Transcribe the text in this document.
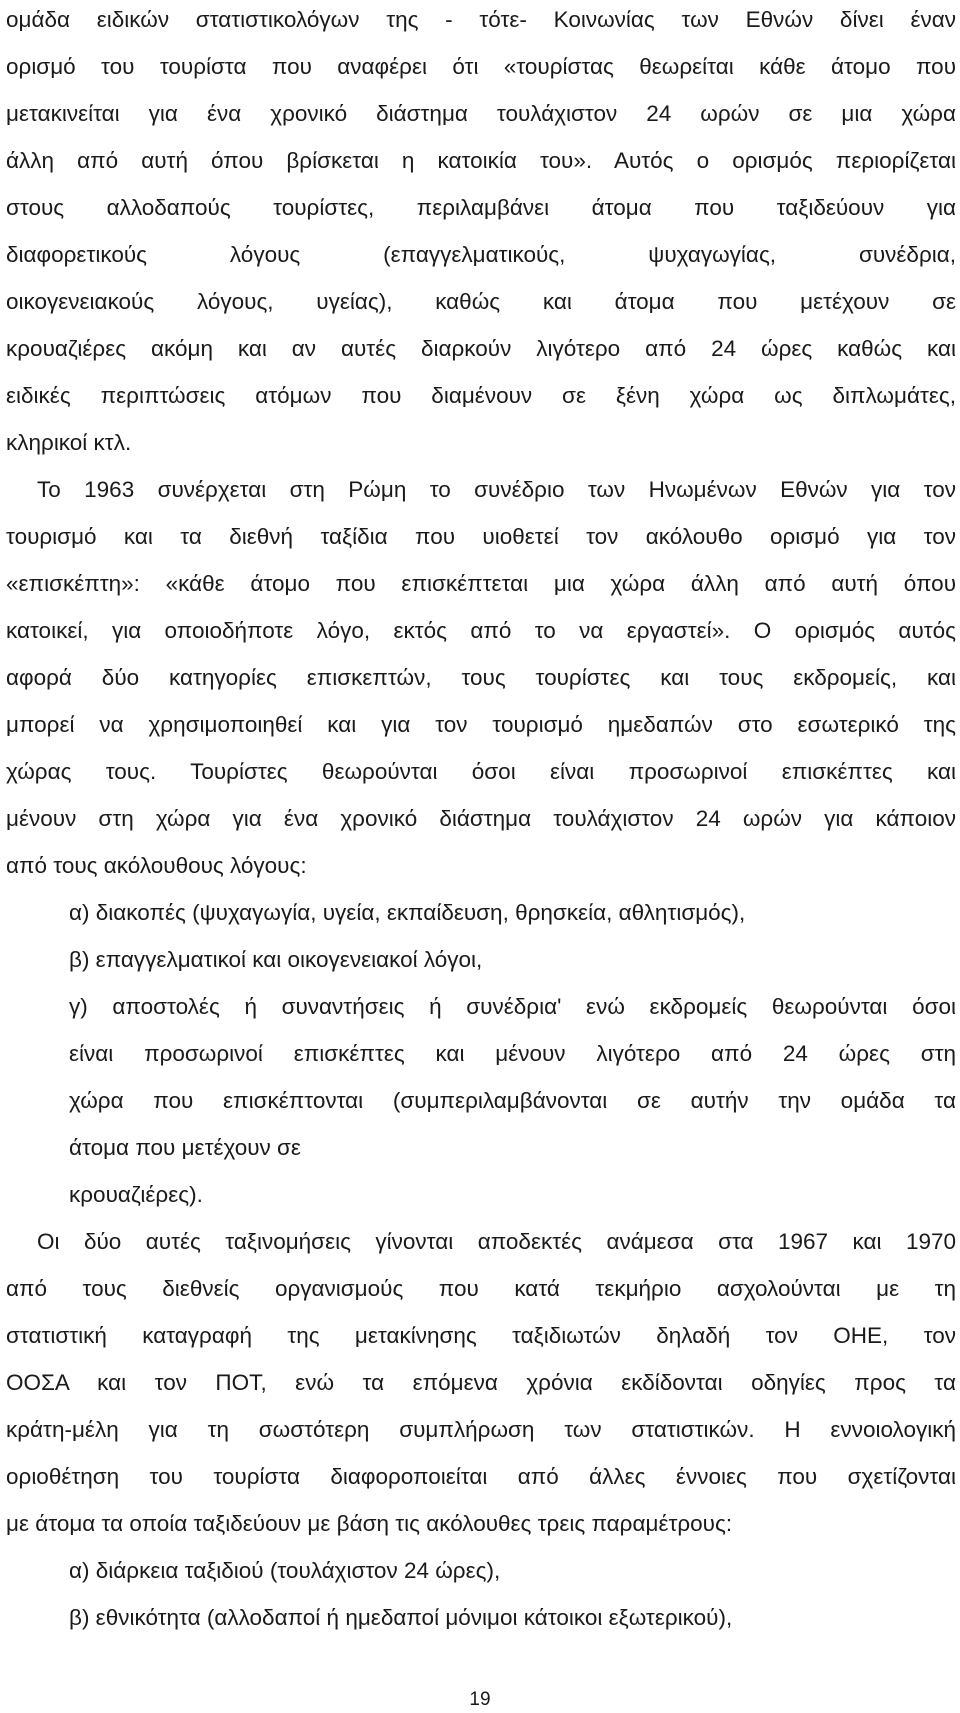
ομάδα ειδικών στατιστικολόγων της - τότε- Κοινωνίας των Εθνών δίνει έναν
ορισμό του τουρίστα που αναφέρει ότι «τουρίστας θεωρείται κάθε άτομο που
μετακινείται για ένα χρονικό διάστημα τουλάχιστον 24 ωρών σε μια χώρα
άλλη από αυτή όπου βρίσκεται η κατοικία του». Αυτός ο ορισμός περιορίζεται
στους αλλοδαπούς τουρίστες, περιλαμβάνει άτομα που ταξιδεύουν για
διαφορετικούς λόγους (επαγγελματικούς, ψυχαγωγίας, συνέδρια,
οικογενειακούς λόγους, υγείας), καθώς και άτομα που μετέχουν σε
κρουαζιέρες ακόμη και αν αυτές διαρκούν λιγότερο από 24 ώρες καθώς και
ειδικές περιπτώσεις ατόμων που διαμένουν σε ξένη χώρα ως διπλωμάτες,
κληρικοί κτλ.
Το 1963 συνέρχεται στη Ρώμη το συνέδριο των Ηνωμένων Εθνών για τον
τουρισμό και τα διεθνή ταξίδια που υιοθετεί τον ακόλουθο ορισμό για τον
«επισκέπτη»: «κάθε άτομο που επισκέπτεται μια χώρα άλλη από αυτή όπου
κατοικεί, για οποιοδήποτε λόγο, εκτός από το να εργαστεί». Ο ορισμός αυτός
αφορά δύο κατηγορίες επισκεπτών, τους τουρίστες και τους εκδρομείς, και
μπορεί να χρησιμοποιηθεί και για τον τουρισμό ημεδαπών στο εσωτερικό της
χώρας τους. Τουρίστες θεωρούνται όσοι είναι προσωρινοί επισκέπτες και
μένουν στη χώρα για ένα χρονικό διάστημα τουλάχιστον 24 ωρών για κάποιον
από τους ακόλουθους λόγους:
α) διακοπές (ψυχαγωγία, υγεία, εκπαίδευση, θρησκεία, αθλητισμός),
β) επαγγελματικοί και οικογενειακοί λόγοι,
γ) αποστολές ή συναντήσεις ή συνέδρια' ενώ εκδρομείς θεωρούνται όσοι
είναι προσωρινοί επισκέπτες και μένουν λιγότερο από 24 ώρες στη
χώρα που επισκέπτονται (συμπεριλαμβάνονται σε αυτήν την ομάδα τα
άτομα που μετέχουν σε
κρουαζιέρες).
Οι δύο αυτές ταξινομήσεις γίνονται αποδεκτές ανάμεσα στα 1967 και 1970
από τους διεθνείς οργανισμούς που κατά τεκμήριο ασχολούνται με τη
στατιστική καταγραφή της μετακίνησης ταξιδιωτών δηλαδή τον ΟΗΕ, τον
ΟΟΣΑ και τον ΠΟΤ, ενώ τα επόμενα χρόνια εκδίδονται οδηγίες προς τα
κράτη-μέλη για τη σωστότερη συμπλήρωση των στατιστικών. Η εννοιολογική
οριοθέτηση του τουρίστα διαφοροποιείται από άλλες έννοιες που σχετίζονται
με άτομα τα οποία ταξιδεύουν με βάση τις ακόλουθες τρεις παραμέτρους:
α) διάρκεια ταξιδιού (τουλάχιστον 24 ώρες),
β) εθνικότητα (αλλοδαποί ή ημεδαποί μόνιμοι κάτοικοι εξωτερικού),
19
